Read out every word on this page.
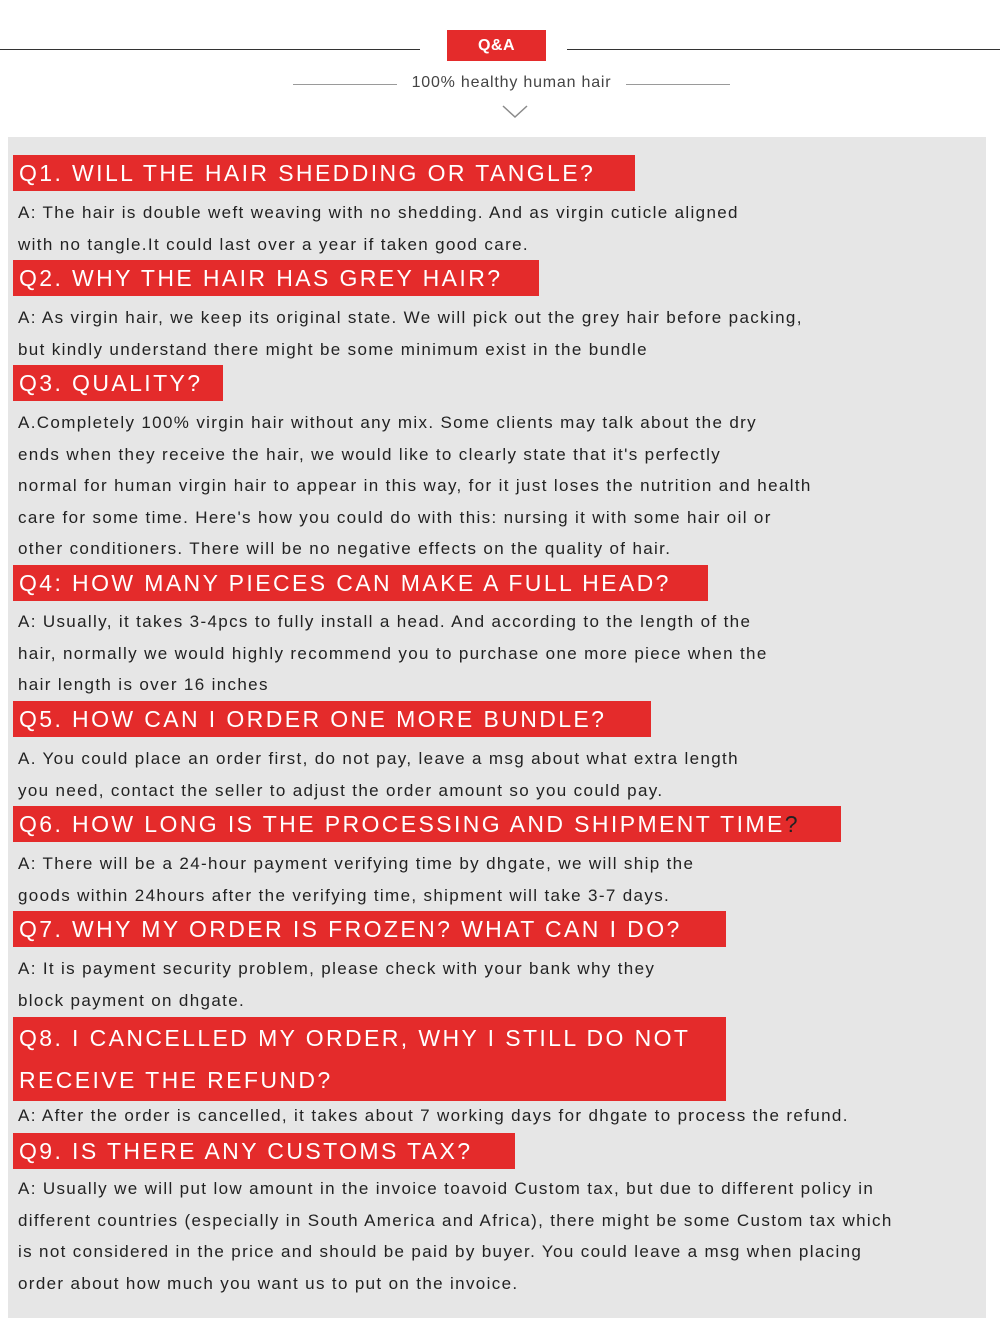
Q&A
100% healthy human hair
Q1. WILL THE HAIR SHEDDING OR TANGLE?
A: The hair is double weft weaving with no shedding. And as virgin cuticle aligned
with no tangle.It could last over a year if taken good care.
Q2. WHY THE HAIR HAS GREY HAIR?
A: As virgin hair, we keep its original state. We will pick out the grey hair before packing,
but kindly understand there might be some minimum exist in the bundle
Q3. QUALITY?
A.Completely 100% virgin hair without any mix. Some clients may talk about the dry
ends when they receive the hair, we would like to clearly state that it's perfectly
normal for human virgin hair to appear in this way, for it just loses the nutrition and health
care for some time. Here's how you could do with this: nursing it with some hair oil or
other conditioners. There will be no negative effects on the quality of hair.
Q4: HOW MANY PIECES CAN MAKE A FULL HEAD?
A: Usually, it takes 3-4pcs to fully install a head. And according to the length of the
hair, normally we would highly recommend you to purchase one more piece when the
hair length is over 16 inches
Q5. HOW CAN I ORDER ONE MORE BUNDLE?
A. You could place an order first, do not pay, leave a msg about what extra length
you need, contact the seller to adjust the order amount so you could pay.
Q6. HOW LONG IS THE PROCESSING AND SHIPMENT TIME?
A: There will be a 24-hour payment verifying time by dhgate, we will ship the
goods within 24hours after the verifying time, shipment will take 3-7 days.
Q7. WHY MY ORDER IS FROZEN? WHAT CAN I DO?
A: It is payment security problem, please check with your bank why they
block payment on dhgate.
Q8. I CANCELLED MY ORDER, WHY I STILL DO NOT
RECEIVE THE REFUND?
A: After the order is cancelled, it takes about 7 working days for dhgate to process the refund.
Q9. IS THERE ANY CUSTOMS TAX?
A: Usually we will put low amount in the invoice toavoid Custom tax, but due to different policy in
different countries (especially in South America and Africa), there might be some Custom tax which
is not considered in the price and should be paid by buyer. You could leave a msg when placing
order about how much you want us to put on the invoice.
